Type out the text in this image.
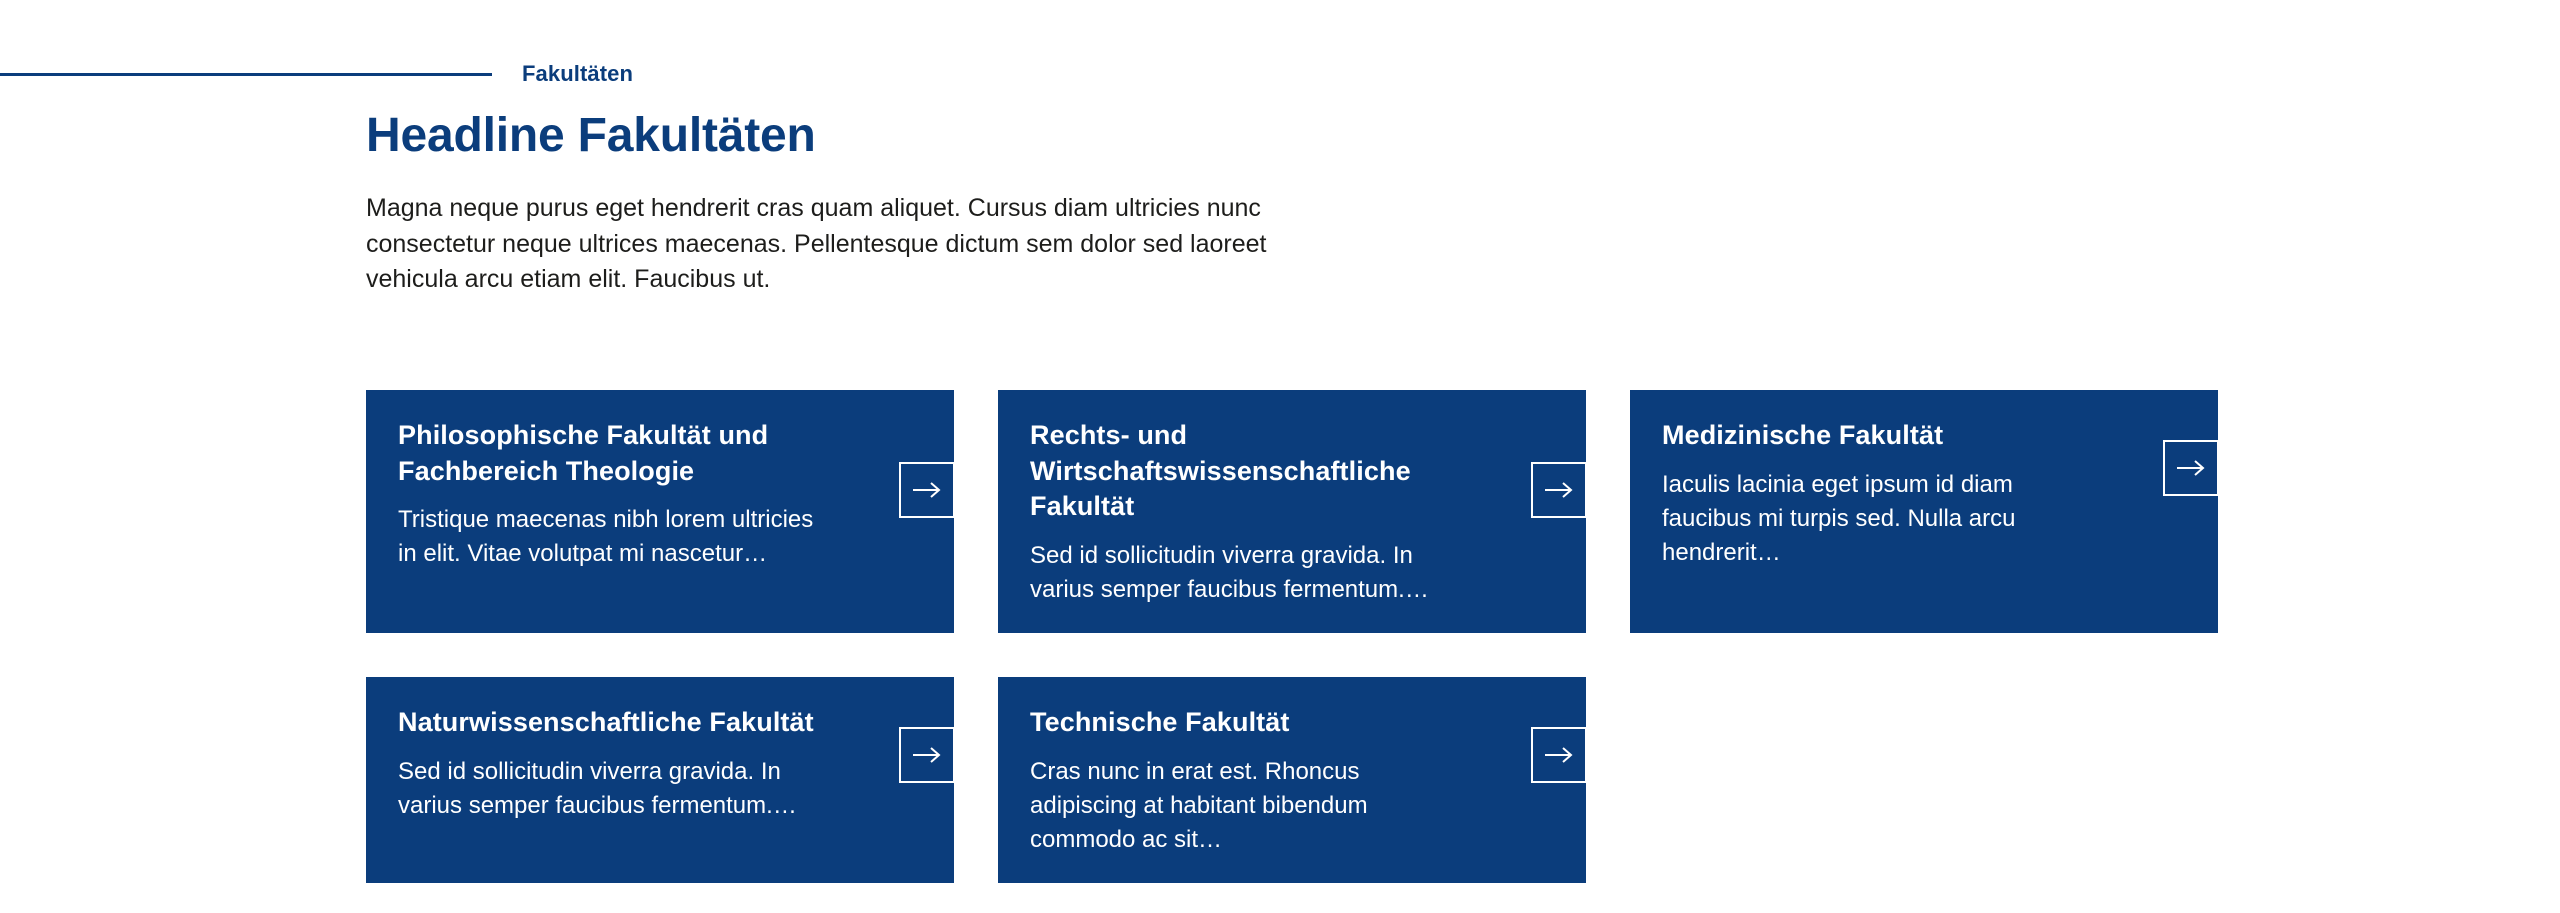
Fakultäten
Headline Fakultäten

Magna neque purus eget hendrerit cras quam aliquet. Cursus diam ultricies nunc consectetur neque ultrices maecenas. Pellentesque dictum sem dolor sed laoreet vehicula arcu etiam elit. Faucibus ut.

Philosophische Fakultät und Fachbereich Theologie
Tristique maecenas nibh lorem ultricies in elit. Vitae volutpat mi nascetur…
Rechts- und Wirtschaftswissenschaftliche Fakultät
Sed id sollicitudin viverra gravida. In varius semper faucibus fermentum.…
Medizinische Fakultät
Iaculis lacinia eget ipsum id diam faucibus mi turpis sed. Nulla arcu hendrerit…
Naturwissenschaftliche Fakultät
Sed id sollicitudin viverra gravida. In varius semper faucibus fermentum.…
Technische Fakultät
Cras nunc in erat est. Rhoncus adipiscing at habitant bibendum commodo ac sit…
